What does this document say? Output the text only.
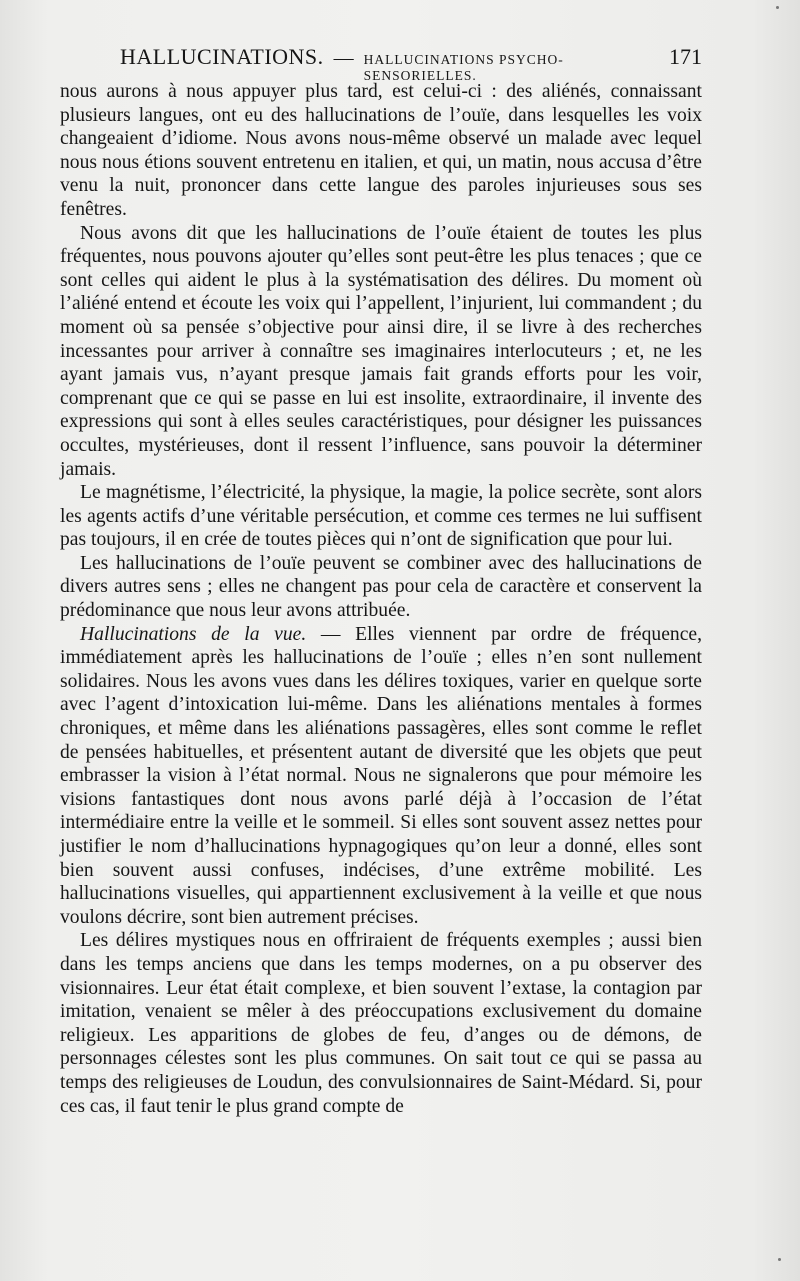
HALLUCINATIONS. — HALLUCINATIONS PSYCHO-SENSORIELLES.
171

nous aurons à nous appuyer plus tard, est celui-ci : des aliénés, connaissant plusieurs langues, ont eu des hallucinations de l’ouïe, dans lesquelles les voix changeaient d’idiome. Nous avons nous-même observé un malade avec lequel nous nous étions souvent entretenu en italien, et qui, un matin, nous accusa d’être venu la nuit, prononcer dans cette langue des paroles injurieuses sous ses fenêtres.

Nous avons dit que les hallucinations de l’ouïe étaient de toutes les plus fréquentes, nous pouvons ajouter qu’elles sont peut-être les plus tenaces ; que ce sont celles qui aident le plus à la systématisation des délires. Du moment où l’aliéné entend et écoute les voix qui l’appellent, l’injurient, lui commandent ; du moment où sa pensée s’objective pour ainsi dire, il se livre à des recherches incessantes pour arriver à connaître ses imaginaires interlocuteurs ; et, ne les ayant jamais vus, n’ayant presque jamais fait grands efforts pour les voir, comprenant que ce qui se passe en lui est insolite, extraordinaire, il invente des expressions qui sont à elles seules caractéristiques, pour désigner les puissances occultes, mystérieuses, dont il ressent l’influence, sans pouvoir la déterminer jamais.

Le magnétisme, l’électricité, la physique, la magie, la police secrète, sont alors les agents actifs d’une véritable persécution, et comme ces termes ne lui suffisent pas toujours, il en crée de toutes pièces qui n’ont de signification que pour lui.

Les hallucinations de l’ouïe peuvent se combiner avec des hallucinations de divers autres sens ; elles ne changent pas pour cela de caractère et conservent la prédominance que nous leur avons attribuée.

Hallucinations de la vue. — Elles viennent par ordre de fréquence, immédiatement après les hallucinations de l’ouïe ; elles n’en sont nullement solidaires. Nous les avons vues dans les délires toxiques, varier en quelque sorte avec l’agent d’intoxication lui-même. Dans les aliénations mentales à formes chroniques, et même dans les aliénations passagères, elles sont comme le reflet de pensées habituelles, et présentent autant de diversité que les objets que peut embrasser la vision à l’état normal. Nous ne signalerons que pour mémoire les visions fantastiques dont nous avons parlé déjà à l’occasion de l’état intermédiaire entre la veille et le sommeil. Si elles sont souvent assez nettes pour justifier le nom d’hallucinations hypnagogiques qu’on leur a donné, elles sont bien souvent aussi confuses, indécises, d’une extrême mobilité. Les hallucinations visuelles, qui appartiennent exclusivement à la veille et que nous voulons décrire, sont bien autrement précises.

Les délires mystiques nous en offriraient de fréquents exemples ; aussi bien dans les temps anciens que dans les temps modernes, on a pu observer des visionnaires. Leur état était complexe, et bien souvent l’extase, la contagion par imitation, venaient se mêler à des préoccupations exclusivement du domaine religieux. Les apparitions de globes de feu, d’anges ou de démons, de personnages célestes sont les plus communes. On sait tout ce qui se passa au temps des religieuses de Loudun, des convulsionnaires de Saint-Médard. Si, pour ces cas, il faut tenir le plus grand compte de
